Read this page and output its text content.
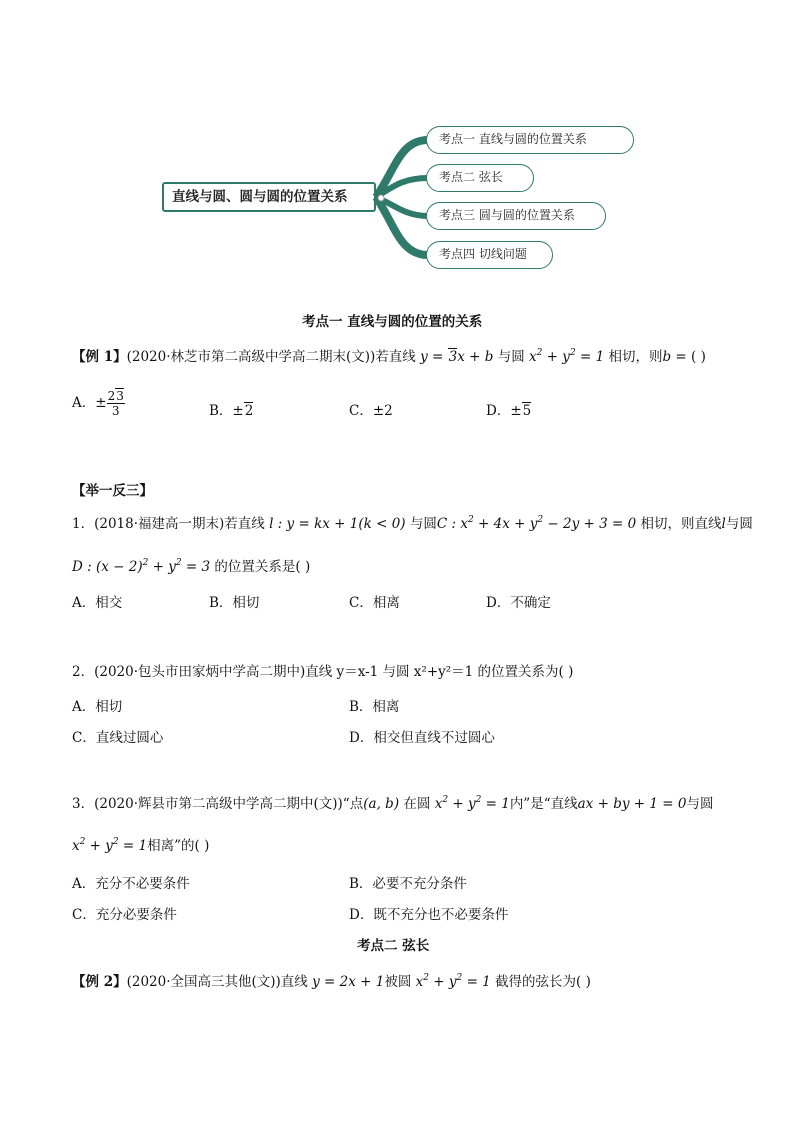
直线与圆、圆与圆的位置关系
考点一 直线与圆的位置关系
考点二 弦长
考点三 圆与圆的位置关系
考点四 切线问题
考点一 直线与圆的位置的关系
【例 1】(2020·林芝市第二高级中学高二期末(文))若直线 y = 3x + b 与圆 $x^2 + y^2 = 1$ 相切，则b = ( )
A．± $\frac{23}{3}$	B．±2	C．±2	D．±5
【举一反三】
1．(2018·福建高一期末)若直线 l : y = kx + 1(k < 0) 与圆C : $x^2 + 4x + y^2 - 2y + 3 = 0$ 相切，则直线l与圆
D : $(x - 2)^2 + y^2 = 3$ 的位置关系是( )
A．相交	B．相切	C．相离	D．不确定
2．(2020·包头市田家炳中学高二期中)直线 y＝x-1 与圆 x²+y²＝1 的位置关系为( )
A．相切	B．相离
C．直线过圆心	D．相交但直线不过圆心
3．(2020·辉县市第二高级中学高二期中(文))“点(a, b) 在圆 $x^2 + y^2 = 1$内”是“直线ax + by + 1 = 0与圆
$x^2 + y^2 = 1$相离”的( )
A．充分不必要条件	B．必要不充分条件
C．充分必要条件	D．既不充分也不必要条件
考点二 弦长
【例 2】(2020·全国高三其他(文))直线 y = 2x + 1被圆 $x^2 + y^2 = 1$ 截得的弦长为( )
